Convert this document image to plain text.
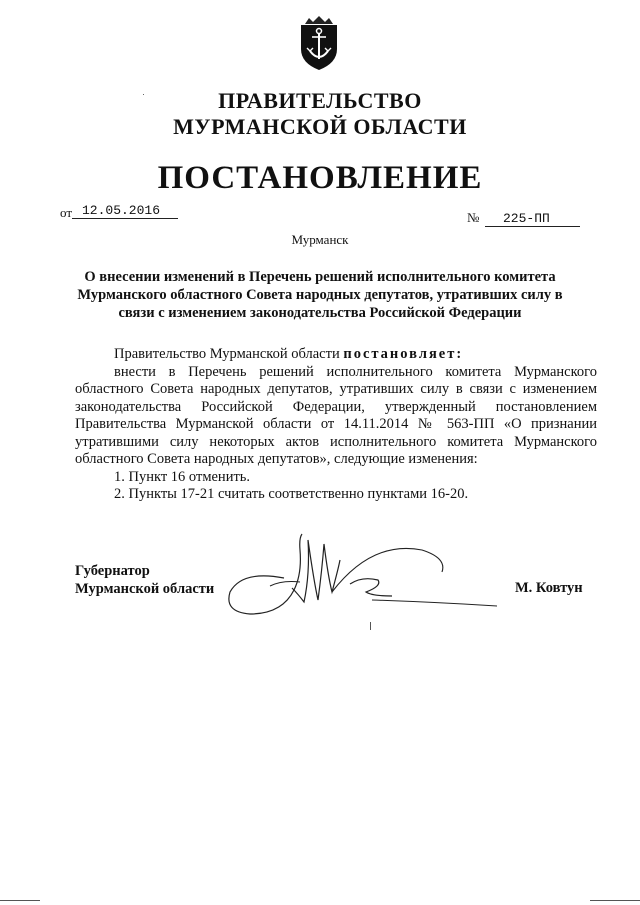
ПРАВИТЕЛЬСТВО
МУРМАНСКОЙ ОБЛАСТИ
ПОСТАНОВЛЕНИЕ
от 12.05.2016	№	225-ПП
Мурманск
О внесении изменений в Перечень решений исполнительного комитета Мурманского областного Совета народных депутатов, утративших силу в связи с изменением законодательства Российской Федерации

Правительство Мурманской области постановляет:

внести в Перечень решений исполнительного комитета Мурманского областного Совета народных депутатов, утративших силу в связи с изменением законодательства Российской Федерации, утвержденный постановлением Правительства Мурманской области от 14.11.2014 № 563-ПП «О признании утратившими силу некоторых актов исполнительного комитета Мурманского областного Совета народных депутатов», следующие изменения:

1. Пункт 16 отменить.

2. Пункты 17-21 считать соответственно пунктами 16-20.

Губернатор
Мурманской области	М. Ковтун
